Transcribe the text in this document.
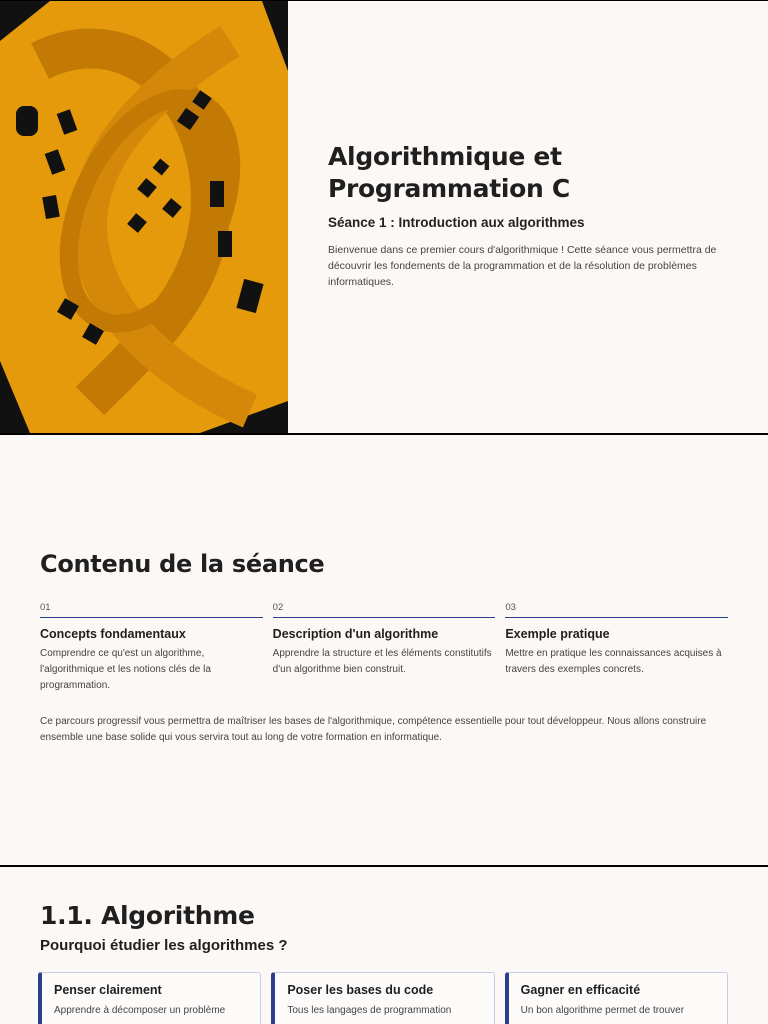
Algorithmique et
Programmation C
Séance 1 : Introduction aux algorithmes
Bienvenue dans ce premier cours d'algorithmique ! Cette séance vous permettra de découvrir les fondements de la programmation et de la résolution de problèmes informatiques.
Contenu de la séance
01
Concepts fondamentaux
Comprendre ce qu'est un algorithme, l'algorithmique et les notions clés de la programmation.
02
Description d'un algorithme
Apprendre la structure et les éléments constitutifs d'un algorithme bien construit.
03
Exemple pratique
Mettre en pratique les connaissances acquises à travers des exemples concrets.
Ce parcours progressif vous permettra de maîtriser les bases de l'algorithmique, compétence essentielle pour tout développeur. Nous allons construire ensemble une base solide qui vous servira tout au long de votre formation en informatique.
1.1. Algorithme
Pourquoi étudier les algorithmes ?
Penser clairement
Apprendre à décomposer un problème
Poser les bases du code
Tous les langages de programmation
Gagner en efficacité
Un bon algorithme permet de trouver
